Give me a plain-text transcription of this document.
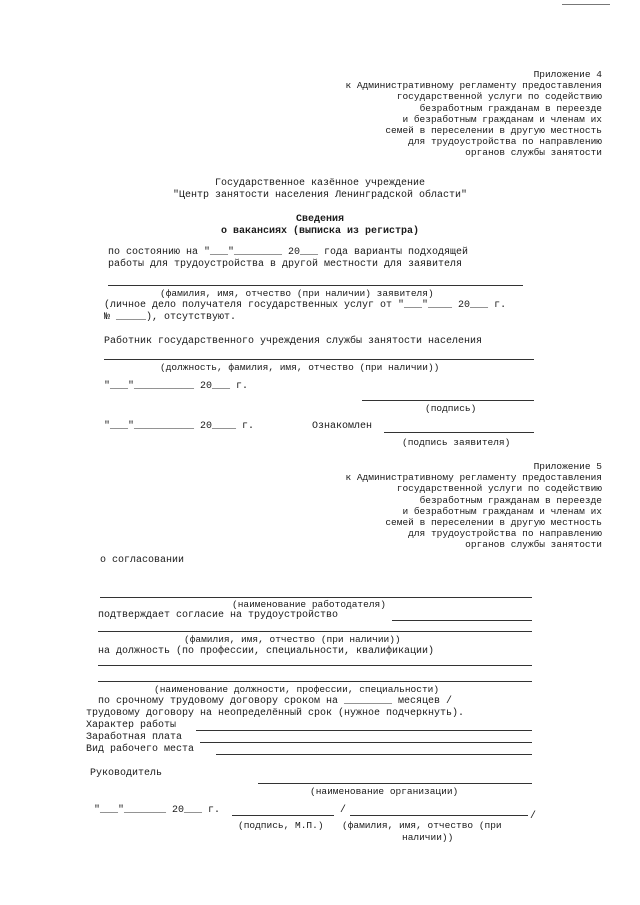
Приложение 4
к Административному регламенту предоставления
государственной услуги по содействию
безработным гражданам в переезде
и безработным гражданам и членам их
семей в переселении в другую местность
для трудоустройства по направлению
органов службы занятости
Государственное казённое учреждение
"Центр занятости населения Ленинградской области"
Сведения
о вакансиях (выписка из регистра)
по состоянию на "___"________ 20___ года варианты подходящей
работы для трудоустройства в другой местности для заявителя
(фамилия, имя, отчество (при наличии) заявителя)
(личное дело получателя государственных услуг от "___"____ 20___ г.
№ _____), отсутствуют.
Работник государственного учреждения службы занятости населения
(должность, фамилия, имя, отчество (при наличии))
"___"__________ 20___ г.
(подпись)
"___"__________ 20____ г.	Ознакомлен
(подпись заявителя)
Приложение 5
к Административному регламенту предоставления
государственной услуги по содействию
безработным гражданам в переезде
и безработным гражданам и членам их
семей в переселении в другую местность
для трудоустройства по направлению
органов службы занятости
о согласовании
(наименование работодателя)
подтверждает согласие на трудоустройство
(фамилия, имя, отчество (при наличии))
на должность (по профессии, специальности, квалификации)
(наименование должности, профессии, специальности)
по срочному трудовому договору сроком на ________ месяцев /
трудовому договору на неопределённый срок (нужное подчеркнуть).
Характер работы
Заработная плата
Вид рабочего места
Руководитель
(наименование организации)
"___"_______ 20___ г.	/
/
(подпись, М.П.) (фамилия, имя, отчество (при
наличии))
